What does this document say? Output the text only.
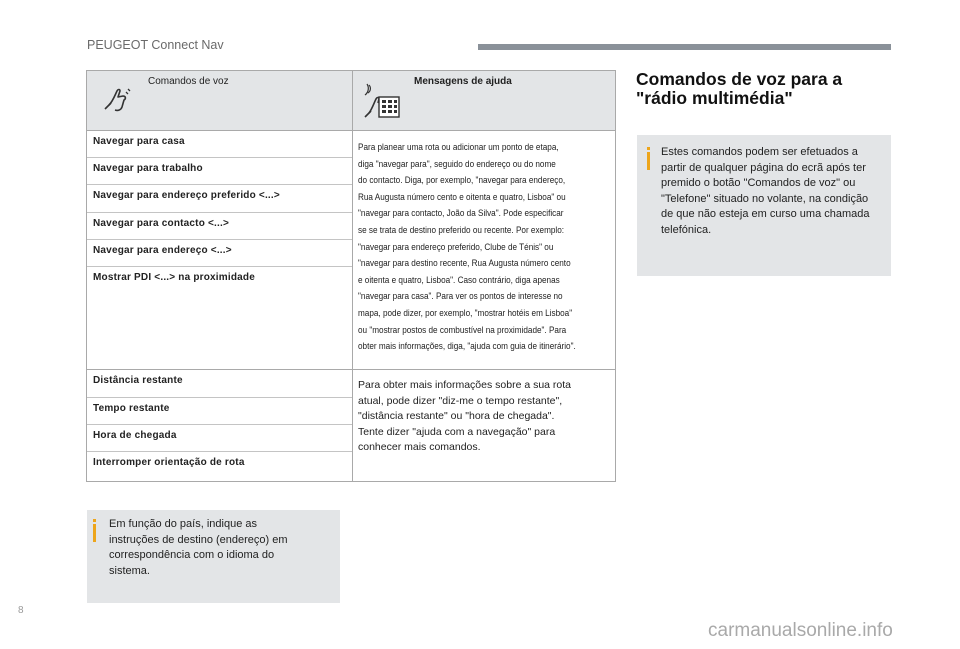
PEUGEOT Connect Nav
Comandos de voz	Mensagens de ajuda
Navegar para casa
Navegar para trabalho
Navegar para endereço preferido <...>
Navegar para contacto <...>
Navegar para endereço <...>
Mostrar PDI <...> na proximidade
Para planear uma rota ou adicionar um ponto de etapa,
diga "navegar para", seguido do endereço ou do nome
do contacto. Diga, por exemplo, "navegar para endereço,
Rua Augusta número cento e oitenta e quatro, Lisboa" ou
"navegar para contacto, João da Silva". Pode especificar
se se trata de destino preferido ou recente. Por exemplo:
"navegar para endereço preferido, Clube de Ténis" ou
"navegar para destino recente, Rua Augusta número cento
e oitenta e quatro, Lisboa". Caso contrário, diga apenas
"navegar para casa". Para ver os pontos de interesse no
mapa, pode dizer, por exemplo, "mostrar hotéis em Lisboa"
ou "mostrar postos de combustível na proximidade". Para
obter mais informações, diga, "ajuda com guia de itinerário".
Distância restante
Tempo restante
Hora de chegada
Interromper orientação de rota
Para obter mais informações sobre a sua rota
atual, pode dizer "diz-me o tempo restante",
"distância restante" ou "hora de chegada".
Tente dizer "ajuda com a navegação" para
conhecer mais comandos.
Em função do país, indique as
instruções de destino (endereço) em
correspondência com o idioma do
sistema.
Comandos de voz para a
"rádio multimédia"
Estes comandos podem ser efetuados a
partir de qualquer página do ecrã após ter
premido o botão "Comandos de voz" ou
"Telefone" situado no volante, na condição
de que não esteja em curso uma chamada
telefónica.
8
carmanualsonline.info
